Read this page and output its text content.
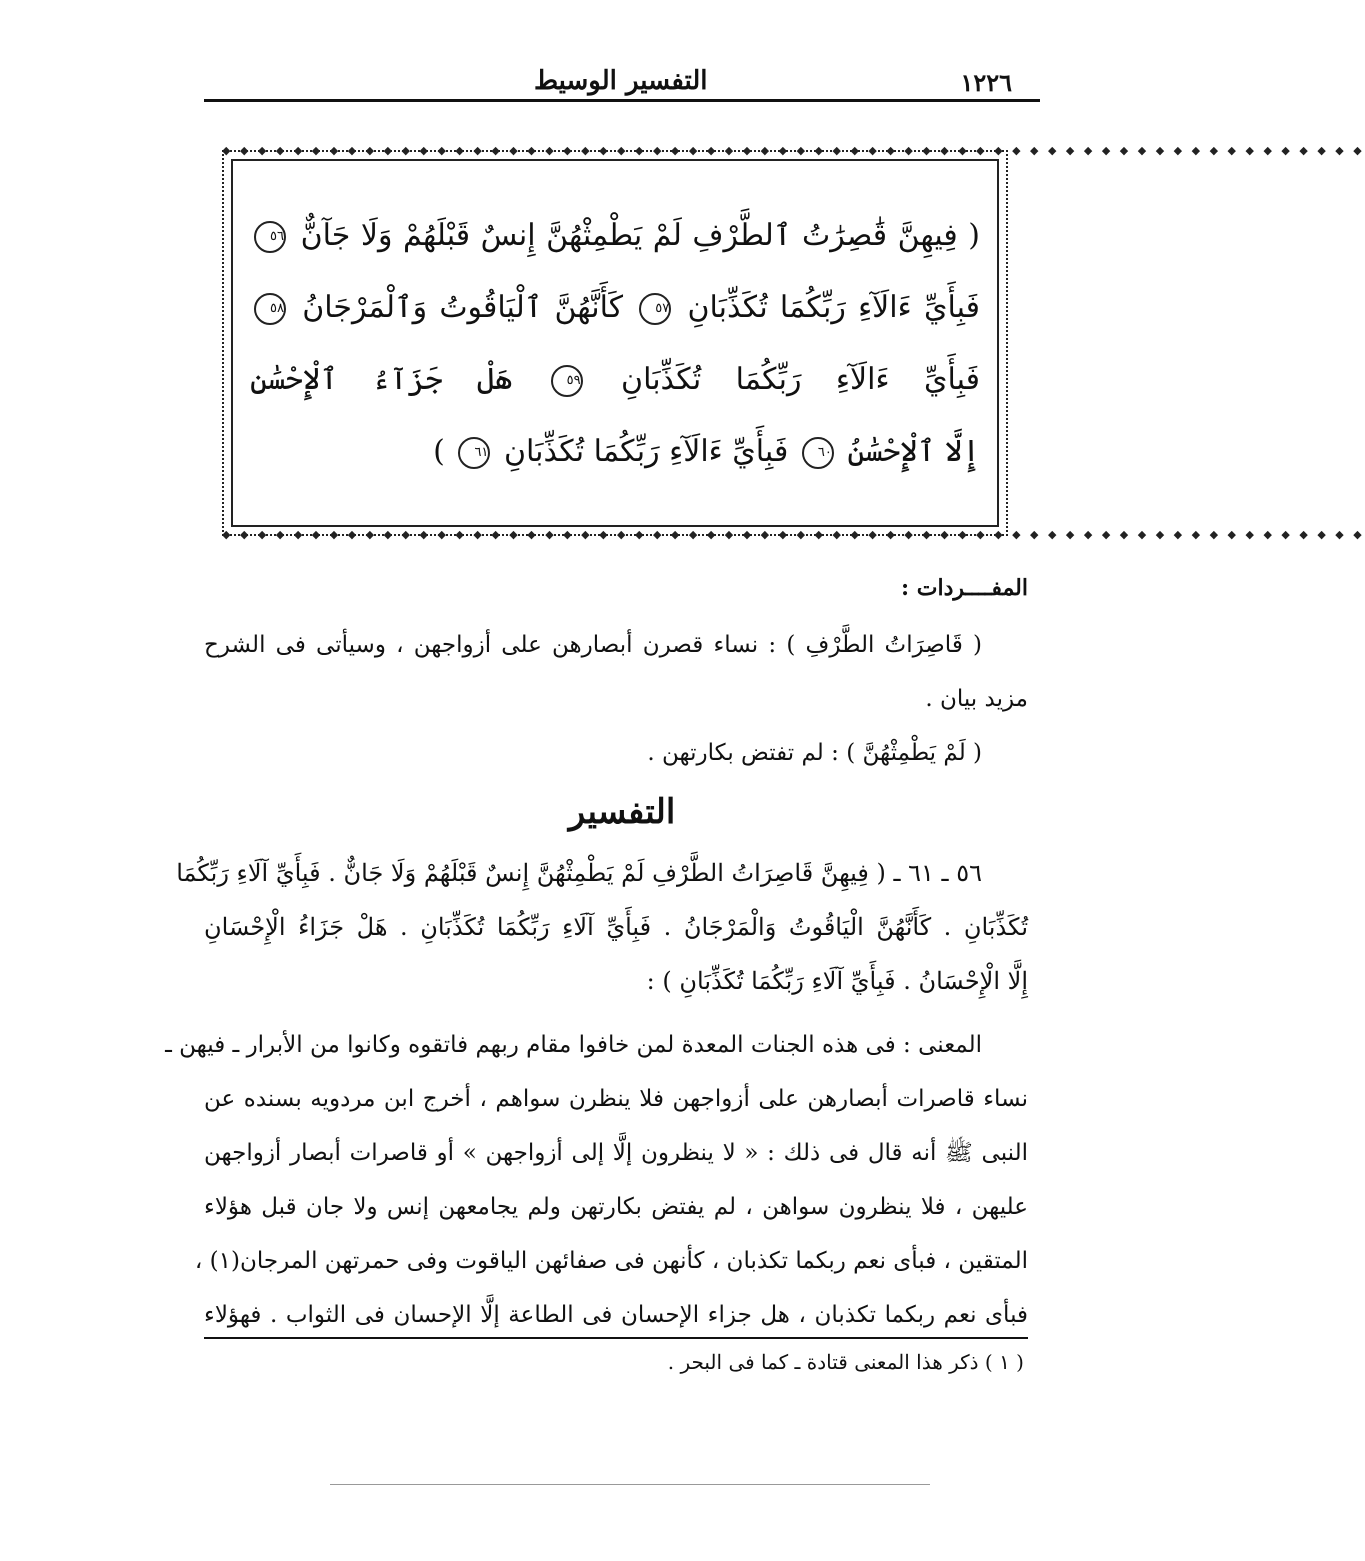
١٢٢٦
التفسير الوسيط
◆ ◆ ◆ ◆ ◆ ◆ ◆ ◆ ◆ ◆ ◆ ◆ ◆ ◆ ◆ ◆ ◆ ◆ ◆ ◆ ◆ ◆ ◆ ◆ ◆ ◆ ◆ ◆ ◆ ◆ ◆ ◆ ◆ ◆ ◆ ◆ ◆ ◆ ◆ ◆ ◆ ◆ ◆ ◆ ◆ ◆ ◆ ◆ ◆ ◆ ◆ ◆ ◆ ◆ ◆ ◆ ◆ ◆ ◆ ◆ ◆ ◆ ◆ ◆
◆ ◆ ◆ ◆ ◆ ◆ ◆ ◆ ◆ ◆ ◆ ◆ ◆ ◆ ◆ ◆ ◆ ◆ ◆ ◆ ◆ ◆ ◆ ◆ ◆ ◆ ◆ ◆ ◆ ◆ ◆ ◆ ◆ ◆ ◆ ◆ ◆ ◆ ◆ ◆ ◆ ◆ ◆ ◆ ◆ ◆ ◆ ◆ ◆ ◆ ◆ ◆ ◆ ◆ ◆ ◆ ◆ ◆ ◆ ◆ ◆ ◆ ◆ ◆
( فِيهِنَّ قَٰصِرَٰتُ ٱلطَّرْفِ لَمْ يَطْمِثْهُنَّ إِنسٌ قَبْلَهُمْ وَلَا جَآنٌّ ٥٦
فَبِأَيِّ ءَالَآءِ رَبِّكُمَا تُكَذِّبَانِ ٥٧ كَأَنَّهُنَّ ٱلْيَاقُوتُ وَٱلْمَرْجَانُ ٥٨
فَبِأَيِّ ءَالَآءِ رَبِّكُمَا تُكَذِّبَانِ ٥٩ هَلْ جَزَآءُ ٱلْإِحْسَٰنِ
إِلَّا ٱلْإِحْسَٰنُ ٦٠ فَبِأَيِّ ءَالَآءِ رَبِّكُمَا تُكَذِّبَانِ ٦١ )
المفــــردات :
( قَاصِرَاتُ الطَّرْفِ ) : نساء قصرن أبصارهن على أزواجهن ، وسيأتى فى الشرح
مزيد بيان .
( لَمْ يَطْمِثْهُنَّ ) : لم تفتض بكارتهن .
التفسير
٥٦ ـ ٦١ ـ ( فِيهِنَّ قَاصِرَاتُ الطَّرْفِ لَمْ يَطْمِثْهُنَّ إِنسٌ قَبْلَهُمْ وَلَا جَانٌّ . فَبِأَيِّ آلَاءِ رَبِّكُمَا
تُكَذِّبَانِ . كَأَنَّهُنَّ الْيَاقُوتُ وَالْمَرْجَانُ . فَبِأَيِّ آلَاءِ رَبِّكُمَا تُكَذِّبَانِ . هَلْ جَزَاءُ الْإِحْسَانِ
إِلَّا الْإِحْسَانُ . فَبِأَيِّ آلَاءِ رَبِّكُمَا تُكَذِّبَانِ ) :
المعنى : فى هذه الجنات المعدة لمن خافوا مقام ربهم فاتقوه وكانوا من الأبرار ـ فيهن ـ
نساء قاصرات أبصارهن على أزواجهن فلا ينظرن سواهم ، أخرج ابن مردويه بسنده عن
النبى ﷺ أنه قال فى ذلك : « لا ينظرون إلَّا إلى أزواجهن » أو قاصرات أبصار أزواجهن
عليهن ، فلا ينظرون سواهن ، لم يفتض بكارتهن ولم يجامعهن إنس ولا جان قبل هؤلاء
المتقين ، فبأى نعم ربكما تكذبان ، كأنهن فى صفائهن الياقوت وفى حمرتهن المرجان(١) ،
فبأى نعم ربكما تكذبان ، هل جزاء الإحسان فى الطاعة إلَّا الإحسان فى الثواب . فهؤلاء
( ١ ) ذكر هذا المعنى قتادة ـ كما فى البحر .
